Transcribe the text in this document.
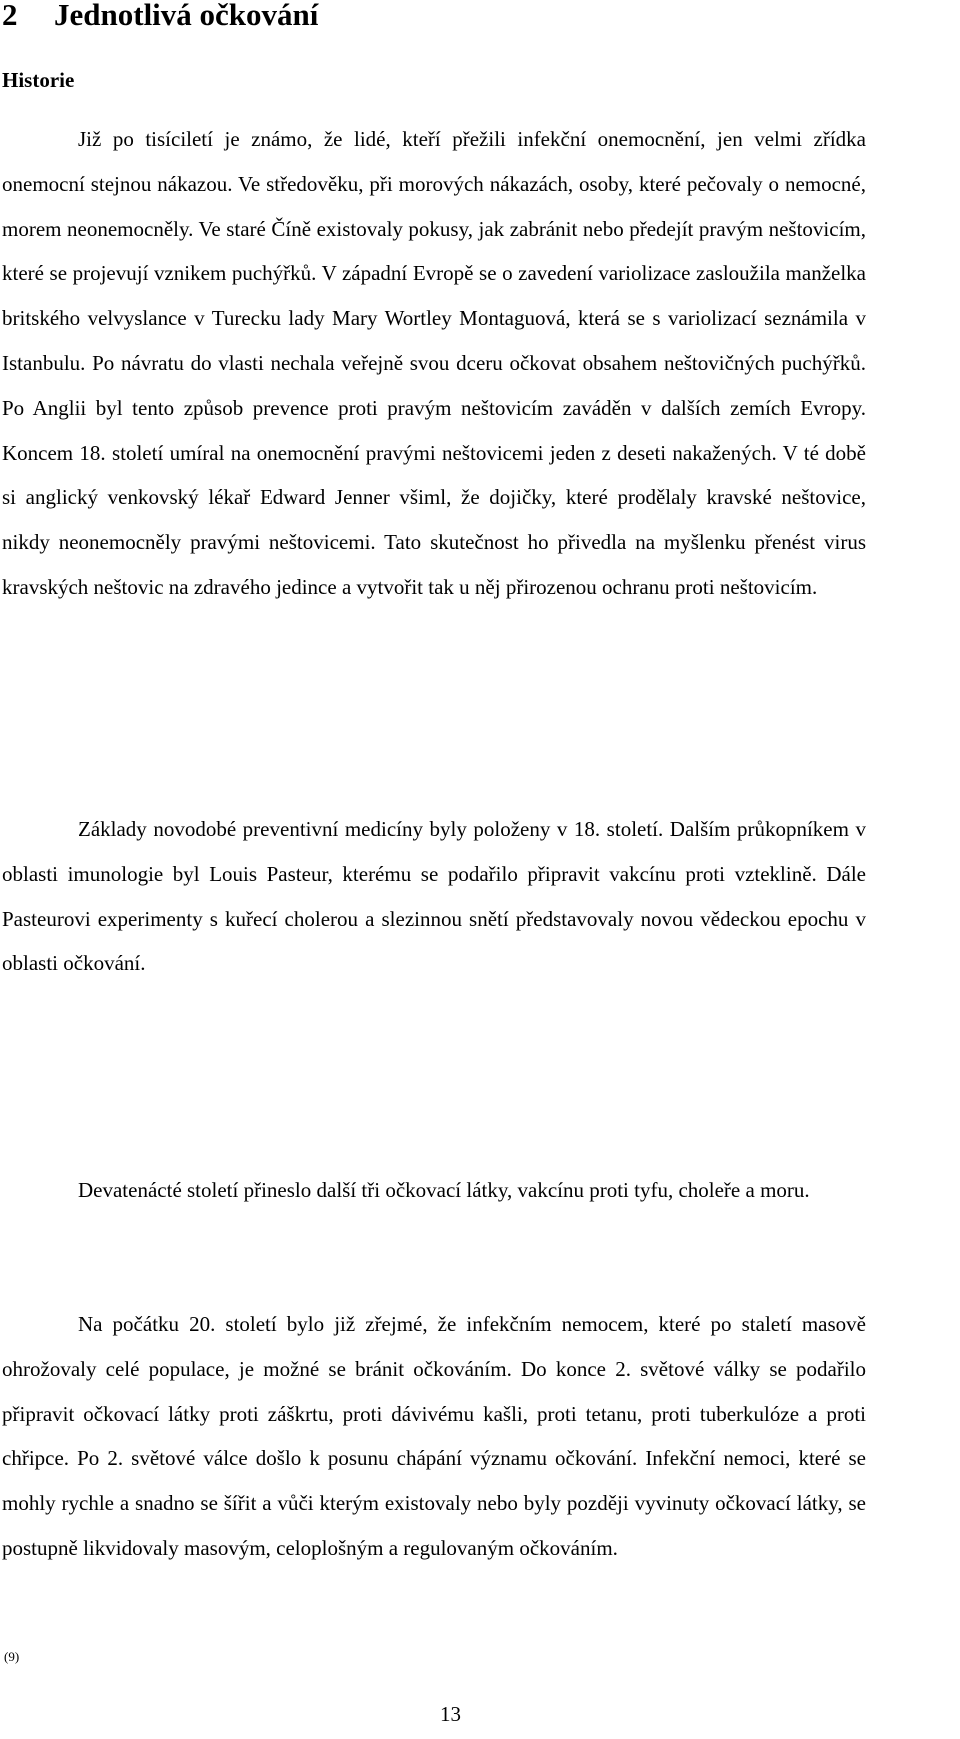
2 Jednotlivá očkování
Historie

Již po tisíciletí je známo, že lidé, kteří přežili infekční onemocnění, jen velmi zřídka onemocní stejnou nákazou. Ve středověku, při morových nákazách, osoby, které pečovaly o nemocné, morem neonemocněly. Ve staré Číně existovaly pokusy, jak zabránit nebo předejít pravým neštovicím, které se projevují vznikem puchýřků. V západní Evropě se o zavedení variolizace zasloužila manželka britského velvyslance v Turecku lady Mary Wortley Montaguová, která se s variolizací seznámila v Istanbulu. Po návratu do vlasti nechala veřejně svou dceru očkovat obsahem neštovičných puchýřků. Po Anglii byl tento způsob prevence proti pravým neštovicím zaváděn v dalších zemích Evropy. Koncem 18. století umíral na onemocnění pravými neštovicemi jeden z deseti nakažených. V té době si anglický venkovský lékař Edward Jenner všiml, že dojičky, které prodělaly kravské neštovice, nikdy neonemocněly pravými neštovicemi. Tato skutečnost ho přivedla na myšlenku přenést virus kravských neštovic na zdravého jedince a vytvořit tak u něj přirozenou ochranu proti neštovicím.

Základy novodobé preventivní medicíny byly položeny v 18. století. Dalším průkopníkem v oblasti imunologie byl Louis Pasteur, kterému se podařilo připravit vakcínu proti vzteklině. Dále Pasteurovi experimenty s kuřecí cholerou a slezinnou snětí představovaly novou vědeckou epochu v oblasti očkování.

Devatenácté století přineslo další tři očkovací látky, vakcínu proti tyfu, choleře a moru.

Na počátku 20. století bylo již zřejmé, že infekčním nemocem, které po staletí masově ohrožovaly celé populace, je možné se bránit očkováním. Do konce 2. světové války se podařilo připravit očkovací látky proti záškrtu, proti dávivému kašli, proti tetanu, proti tuberkulóze a proti chřipce. Po 2. světové válce došlo k posunu chápání významu očkování. Infekční nemoci, které se mohly rychle a snadno se šířit a vůči kterým existovaly nebo byly později vyvinuty očkovací látky, se postupně likvidovaly masovým, celoplošným a regulovaným očkováním.

(9)
13
